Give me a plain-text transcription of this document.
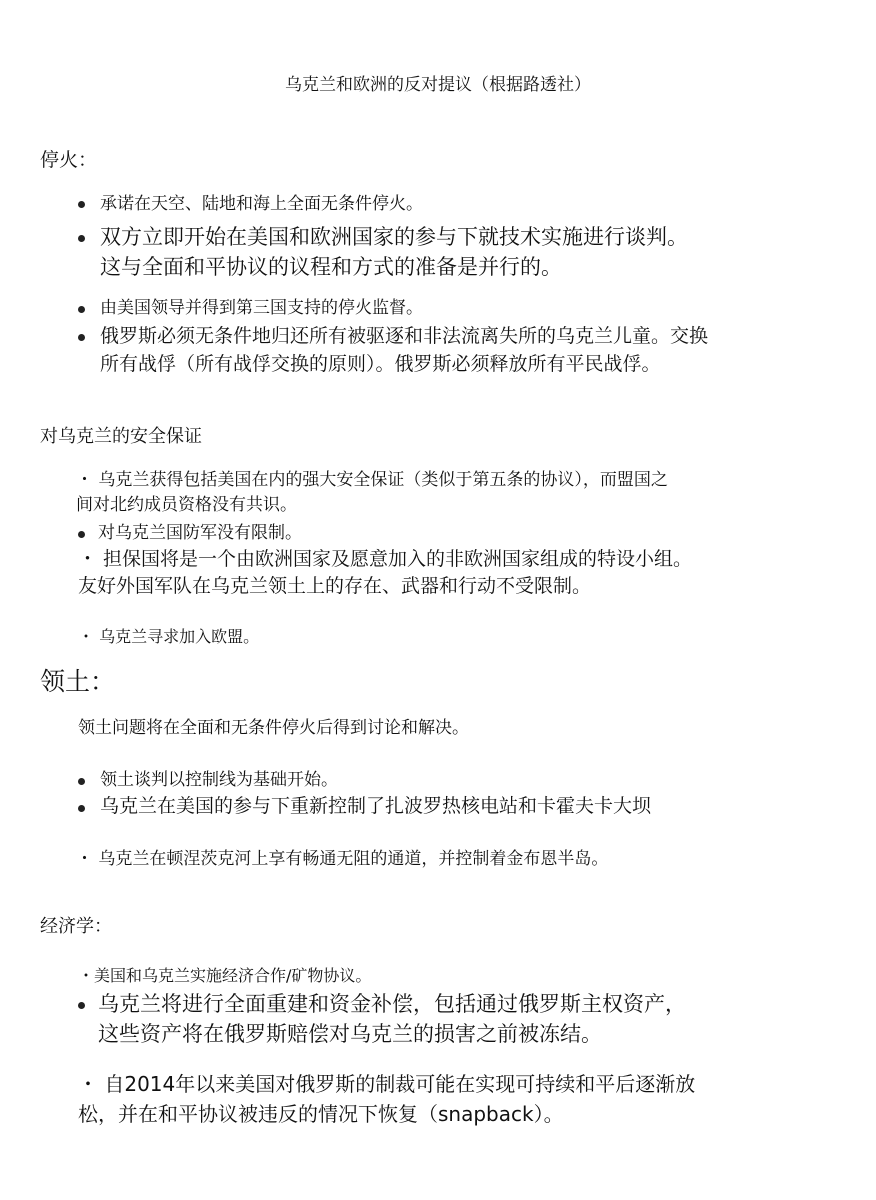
乌克兰和欧洲的反对提议（根据路透社）
停火：
承诺在天空、陆地和海上全面无条件停火。
双方立即开始在美国和欧洲国家的参与下就技术实施进行谈判。
这与全面和平协议的议程和方式的准备是并行的。
由美国领导并得到第三国支持的停火监督。
俄罗斯必须无条件地归还所有被驱逐和非法流离失所的乌克兰儿童。交换
所有战俘（所有战俘交换的原则）。俄罗斯必须释放所有平民战俘。
对乌克兰的安全保证
・ 乌克兰获得包括美国在内的强大安全保证（类似于第五条的协议），而盟国之
间对北约成员资格没有共识。
对乌克兰国防军没有限制。
・ 担保国将是一个由欧洲国家及愿意加入的非欧洲国家组成的特设小组。
友好外国军队在乌克兰领土上的存在、武器和行动不受限制。
・ 乌克兰寻求加入欧盟。
领土：
领土问题将在全面和无条件停火后得到讨论和解决。
领土谈判以控制线为基础开始。
乌克兰在美国的参与下重新控制了扎波罗热核电站和卡霍夫卡大坝
・ 乌克兰在顿涅茨克河上享有畅通无阻的通道，并控制着金布恩半岛。
经济学：
・美国和乌克兰实施经济合作/矿物协议。
乌克兰将进行全面重建和资金补偿，包括通过俄罗斯主权资产，
这些资产将在俄罗斯赔偿对乌克兰的损害之前被冻结。
・ 自2014年以来美国对俄罗斯的制裁可能在实现可持续和平后逐渐放
松，并在和平协议被违反的情况下恢复（snapback）。
